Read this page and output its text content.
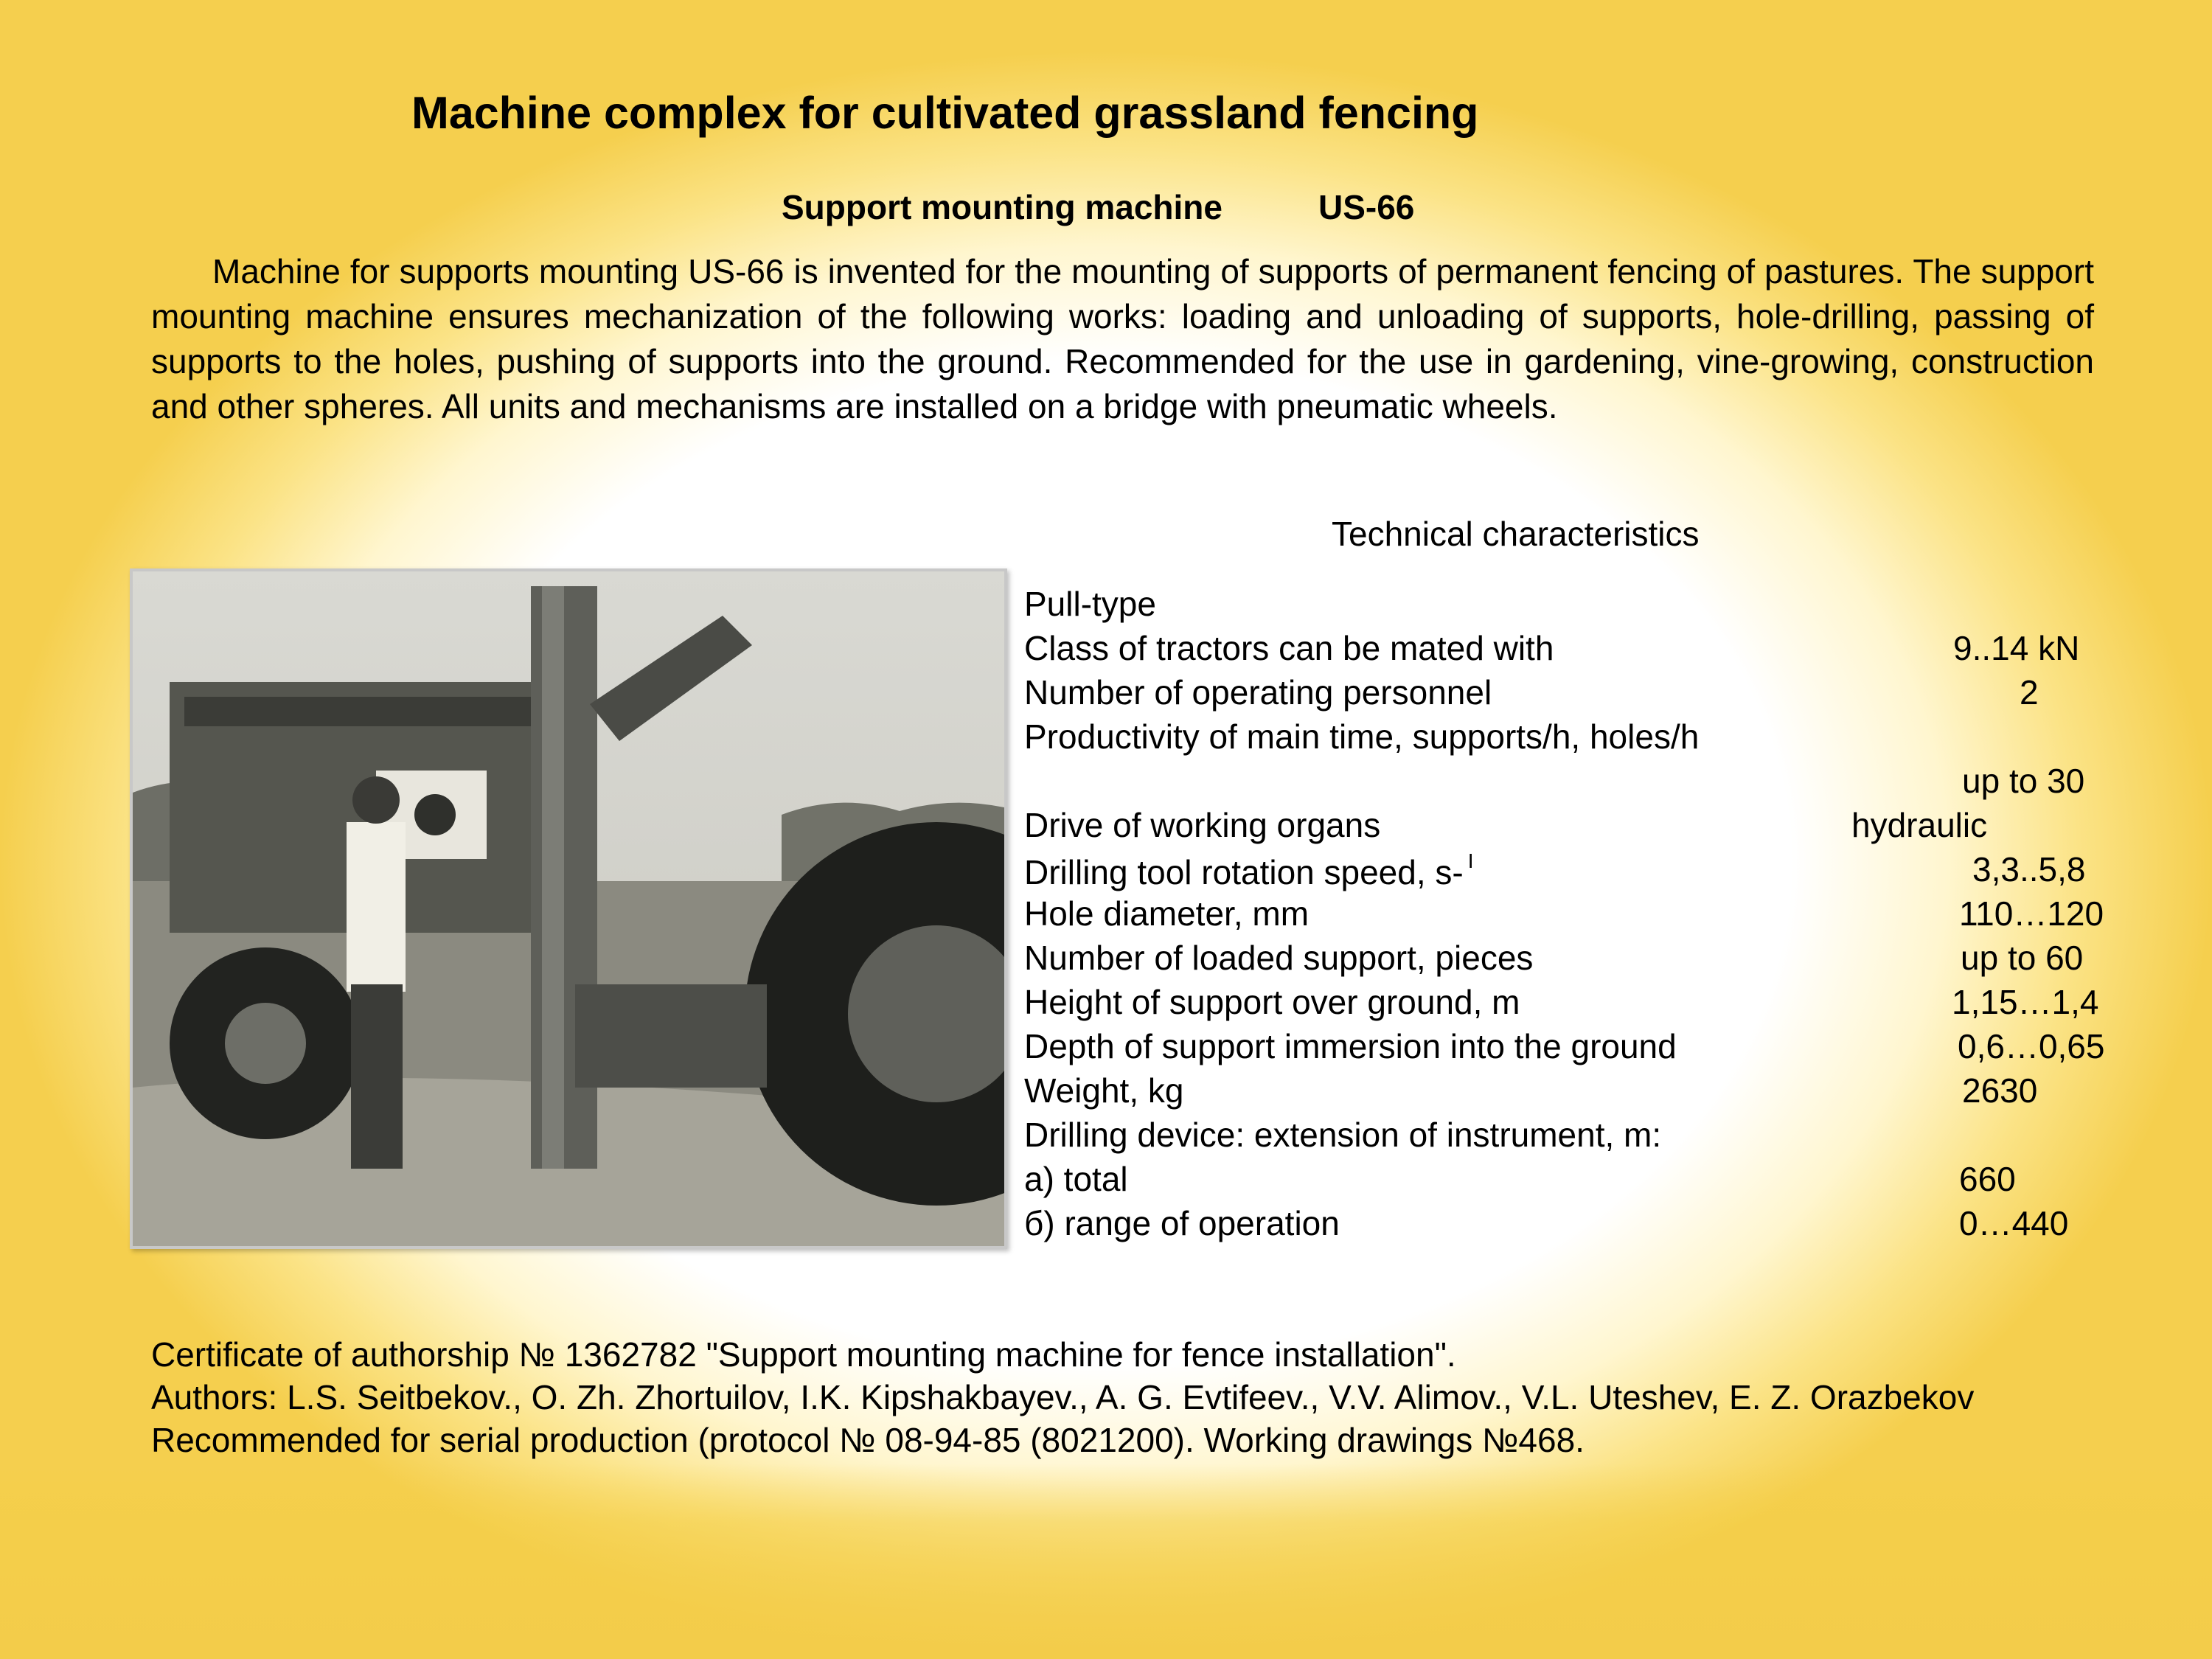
Machine complex for cultivated grassland fencing
Support mounting machine	US-66
Machine for supports mounting US-66 is invented for the mounting of supports of permanent fencing of pastures. The support mounting machine ensures mechanization of the following works: loading and unloading of supports, hole-drilling, passing of supports to the holes, pushing of supports into the ground. Recommended for the use in gardening, vine-growing, construction and other spheres. All units and mechanisms are installed on a bridge with pneumatic wheels.
Technical characteristics
Pull-type
Class of tractors can be mated with	9..14 kN
Number of operating personnel	2
Productivity of main time, supports/h, holes/h
up to 30
Drive of working organs	hydraulic
Drilling tool rotation speed, s- $^I$	3,3..5,8
Hole diameter, mm	110…120
Number of loaded support, pieces	up to 60
Height of support over ground, m	1,15…1,4
Depth of support immersion into the ground	0,6…0,65
Weight, kg	2630
Drilling device: extension of instrument, m:
а) total	660
б) range of operation	0…440

Certificate of authorship № 1362782 "Support mounting machine for fence installation".

Authors: L.S. Seitbekov., O. Zh. Zhortuilov, I.K. Kipshakbayev., A. G. Evtifeev., V.V. Alimov., V.L. Uteshev, E. Z. Orazbekov

Recommended for serial production (protocol № 08-94-85 (8021200). Working drawings №468.
